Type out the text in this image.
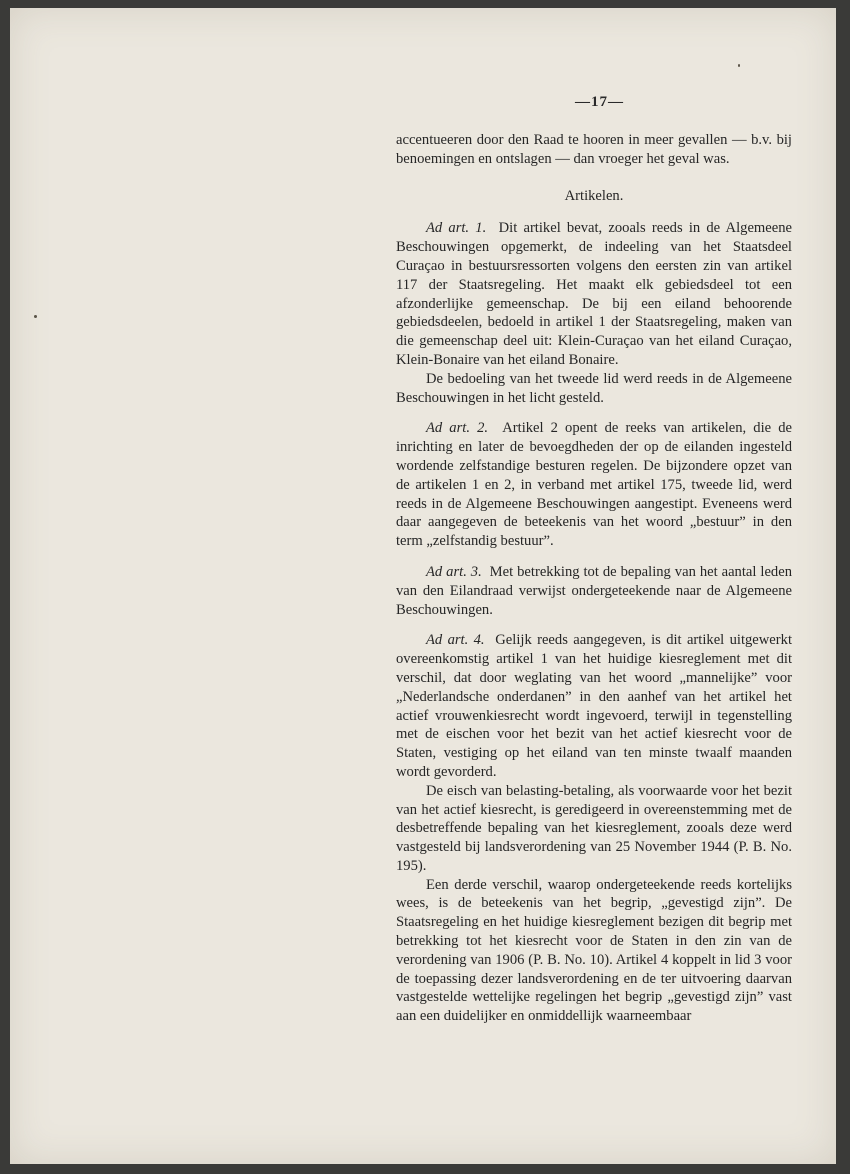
—17—

accentueeren door den Raad te hooren in meer gevallen — b.v. bij benoemingen en ontslagen — dan vroeger het geval was.

Artikelen.

Ad art. 1. Dit artikel bevat, zooals reeds in de Algemeene Beschouwingen opgemerkt, de indeeling van het Staatsdeel Curaçao in bestuursressorten volgens den eersten zin van artikel 117 der Staatsregeling. Het maakt elk gebiedsdeel tot een afzonderlijke gemeenschap. De bij een eiland behoorende gebiedsdeelen, bedoeld in artikel 1 der Staatsregeling, maken van die gemeenschap deel uit: Klein-Curaçao van het eiland Curaçao, Klein-Bonaire van het eiland Bonaire.

De bedoeling van het tweede lid werd reeds in de Algemeene Beschouwingen in het licht gesteld.

Ad art. 2. Artikel 2 opent de reeks van artikelen, die de inrichting en later de bevoegdheden der op de eilanden ingesteld wordende zelfstandige besturen regelen. De bijzondere opzet van de artikelen 1 en 2, in verband met artikel 175, tweede lid, werd reeds in de Algemeene Beschouwingen aangestipt. Eveneens werd daar aangegeven de beteekenis van het woord „bestuur” in den term „zelfstandig bestuur”.

Ad art. 3. Met betrekking tot de bepaling van het aantal leden van den Eilandraad verwijst ondergeteekende naar de Algemeene Beschouwingen.

Ad art. 4. Gelijk reeds aangegeven, is dit artikel uitgewerkt overeenkomstig artikel 1 van het huidige kiesreglement met dit verschil, dat door weglating van het woord „mannelijke” voor „Nederlandsche onderdanen” in den aanhef van het artikel het actief vrouwenkiesrecht wordt ingevoerd, terwijl in tegenstelling met de eischen voor het bezit van het actief kiesrecht voor de Staten, vestiging op het eiland van ten minste twaalf maanden wordt gevorderd.

De eisch van belasting-betaling, als voorwaarde voor het bezit van het actief kiesrecht, is geredigeerd in overeenstemming met de desbetreffende bepaling van het kiesreglement, zooals deze werd vastgesteld bij landsverordening van 25 November 1944 (P. B. No. 195).

Een derde verschil, waarop ondergeteekende reeds kortelijks wees, is de beteekenis van het begrip, „gevestigd zijn”. De Staatsregeling en het huidige kiesreglement bezigen dit begrip met betrekking tot het kiesrecht voor de Staten in den zin van de verordening van 1906 (P. B. No. 10). Artikel 4 koppelt in lid 3 voor de toepassing dezer landsverordening en de ter uitvoering daarvan vastgestelde wettelijke regelingen het begrip „gevestigd zijn” vast aan een duidelijker en onmiddellijk waarneembaar
